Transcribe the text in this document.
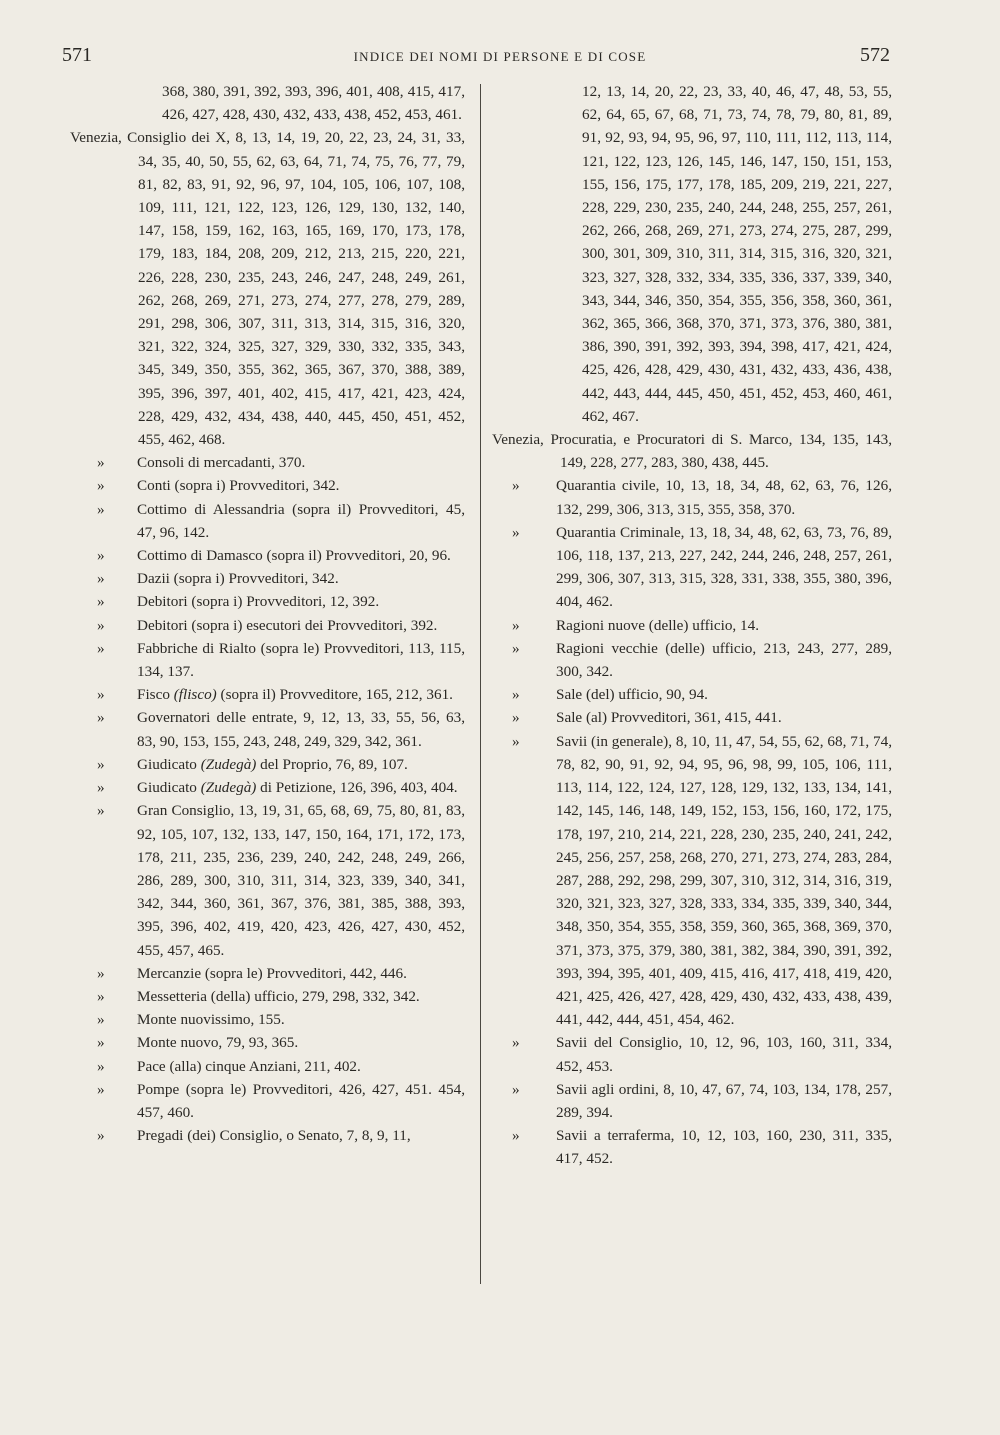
571	INDICE DEI NOMI DI PERSONE E DI COSE	572
368, 380, 391, 392, 393, 396, 401, 408, 415, 417, 426, 427, 428, 430, 432, 433, 438, 452, 453, 461.
Venezia, Consiglio dei X, 8, 13, 14, 19, 20, 22, 23, 24, 31, 33, 34, 35, 40, 50, 55, 62, 63, 64, 71, 74, 75, 76, 77, 79, 81, 82, 83, 91, 92, 96, 97, 104, 105, 106, 107, 108, 109, 111, 121, 122, 123, 126, 129, 130, 132, 140, 147, 158, 159, 162, 163, 165, 169, 170, 173, 178, 179, 183, 184, 208, 209, 212, 213, 215, 220, 221, 226, 228, 230, 235, 243, 246, 247, 248, 249, 261, 262, 268, 269, 271, 273, 274, 277, 278, 279, 289, 291, 298, 306, 307, 311, 313, 314, 315, 316, 320, 321, 322, 324, 325, 327, 329, 330, 332, 335, 343, 345, 349, 350, 355, 362, 365, 367, 370, 388, 389, 395, 396, 397, 401, 402, 415, 417, 421, 423, 424, 228, 429, 432, 434, 438, 440, 445, 450, 451, 452, 455, 462, 468.
» Consoli di mercadanti, 370.
» Conti (sopra i) Provveditori, 342.
» Cottimo di Alessandria (sopra il) Provveditori, 45, 47, 96, 142.
» Cottimo di Damasco (sopra il) Provveditori, 20, 96.
» Dazii (sopra i) Provveditori, 342.
» Debitori (sopra i) Provveditori, 12, 392.
» Debitori (sopra i) esecutori dei Provveditori, 392.
» Fabbriche di Rialto (sopra le) Provveditori, 113, 115, 134, 137.
» Fisco (flisco) (sopra il) Provveditore, 165, 212, 361.
» Governatori delle entrate, 9, 12, 13, 33, 55, 56, 63, 83, 90, 153, 155, 243, 248, 249, 329, 342, 361.
» Giudicato (Zudegà) del Proprio, 76, 89, 107.
» Giudicato (Zudegà) di Petizione, 126, 396, 403, 404.
» Gran Consiglio, 13, 19, 31, 65, 68, 69, 75, 80, 81, 83, 92, 105, 107, 132, 133, 147, 150, 164, 171, 172, 173, 178, 211, 235, 236, 239, 240, 242, 248, 249, 266, 286, 289, 300, 310, 311, 314, 323, 339, 340, 341, 342, 344, 360, 361, 367, 376, 381, 385, 388, 393, 395, 396, 402, 419, 420, 423, 426, 427, 430, 452, 455, 457, 465.
» Mercanzie (sopra le) Provveditori, 442, 446.
» Messetteria (della) ufficio, 279, 298, 332, 342.
» Monte nuovissimo, 155.
» Monte nuovo, 79, 93, 365.
» Pace (alla) cinque Anziani, 211, 402.
» Pompe (sopra le) Provveditori, 426, 427, 451. 454, 457, 460.
» Pregadi (dei) Consiglio, o Senato, 7, 8, 9, 11,
12, 13, 14, 20, 22, 23, 33, 40, 46, 47, 48, 53, 55, 62, 64, 65, 67, 68, 71, 73, 74, 78, 79, 80, 81, 89, 91, 92, 93, 94, 95, 96, 97, 110, 111, 112, 113, 114, 121, 122, 123, 126, 145, 146, 147, 150, 151, 153, 155, 156, 175, 177, 178, 185, 209, 219, 221, 227, 228, 229, 230, 235, 240, 244, 248, 255, 257, 261, 262, 266, 268, 269, 271, 273, 274, 275, 287, 299, 300, 301, 309, 310, 311, 314, 315, 316, 320, 321, 323, 327, 328, 332, 334, 335, 336, 337, 339, 340, 343, 344, 346, 350, 354, 355, 356, 358, 360, 361, 362, 365, 366, 368, 370, 371, 373, 376, 380, 381, 386, 390, 391, 392, 393, 394, 398, 417, 421, 424, 425, 426, 428, 429, 430, 431, 432, 433, 436, 438, 442, 443, 444, 445, 450, 451, 452, 453, 460, 461, 462, 467.
Venezia, Procuratia, e Procuratori di S. Marco, 134, 135, 143, 149, 228, 277, 283, 380, 438, 445.
» Quarantia civile, 10, 13, 18, 34, 48, 62, 63, 76, 126, 132, 299, 306, 313, 315, 355, 358, 370.
» Quarantia Criminale, 13, 18, 34, 48, 62, 63, 73, 76, 89, 106, 118, 137, 213, 227, 242, 244, 246, 248, 257, 261, 299, 306, 307, 313, 315, 328, 331, 338, 355, 380, 396, 404, 462.
» Ragioni nuove (delle) ufficio, 14.
» Ragioni vecchie (delle) ufficio, 213, 243, 277, 289, 300, 342.
» Sale (del) ufficio, 90, 94.
» Sale (al) Provveditori, 361, 415, 441.
» Savii (in generale), 8, 10, 11, 47, 54, 55, 62, 68, 71, 74, 78, 82, 90, 91, 92, 94, 95, 96, 98, 99, 105, 106, 111, 113, 114, 122, 124, 127, 128, 129, 132, 133, 134, 141, 142, 145, 146, 148, 149, 152, 153, 156, 160, 172, 175, 178, 197, 210, 214, 221, 228, 230, 235, 240, 241, 242, 245, 256, 257, 258, 268, 270, 271, 273, 274, 283, 284, 287, 288, 292, 298, 299, 307, 310, 312, 314, 316, 319, 320, 321, 323, 327, 328, 333, 334, 335, 339, 340, 344, 348, 350, 354, 355, 358, 359, 360, 365, 368, 369, 370, 371, 373, 375, 379, 380, 381, 382, 384, 390, 391, 392, 393, 394, 395, 401, 409, 415, 416, 417, 418, 419, 420, 421, 425, 426, 427, 428, 429, 430, 432, 433, 438, 439, 441, 442, 444, 451, 454, 462.
» Savii del Consiglio, 10, 12, 96, 103, 160, 311, 334, 452, 453.
» Savii agli ordini, 8, 10, 47, 67, 74, 103, 134, 178, 257, 289, 394.
» Savii a terraferma, 10, 12, 103, 160, 230, 311, 335, 417, 452.
